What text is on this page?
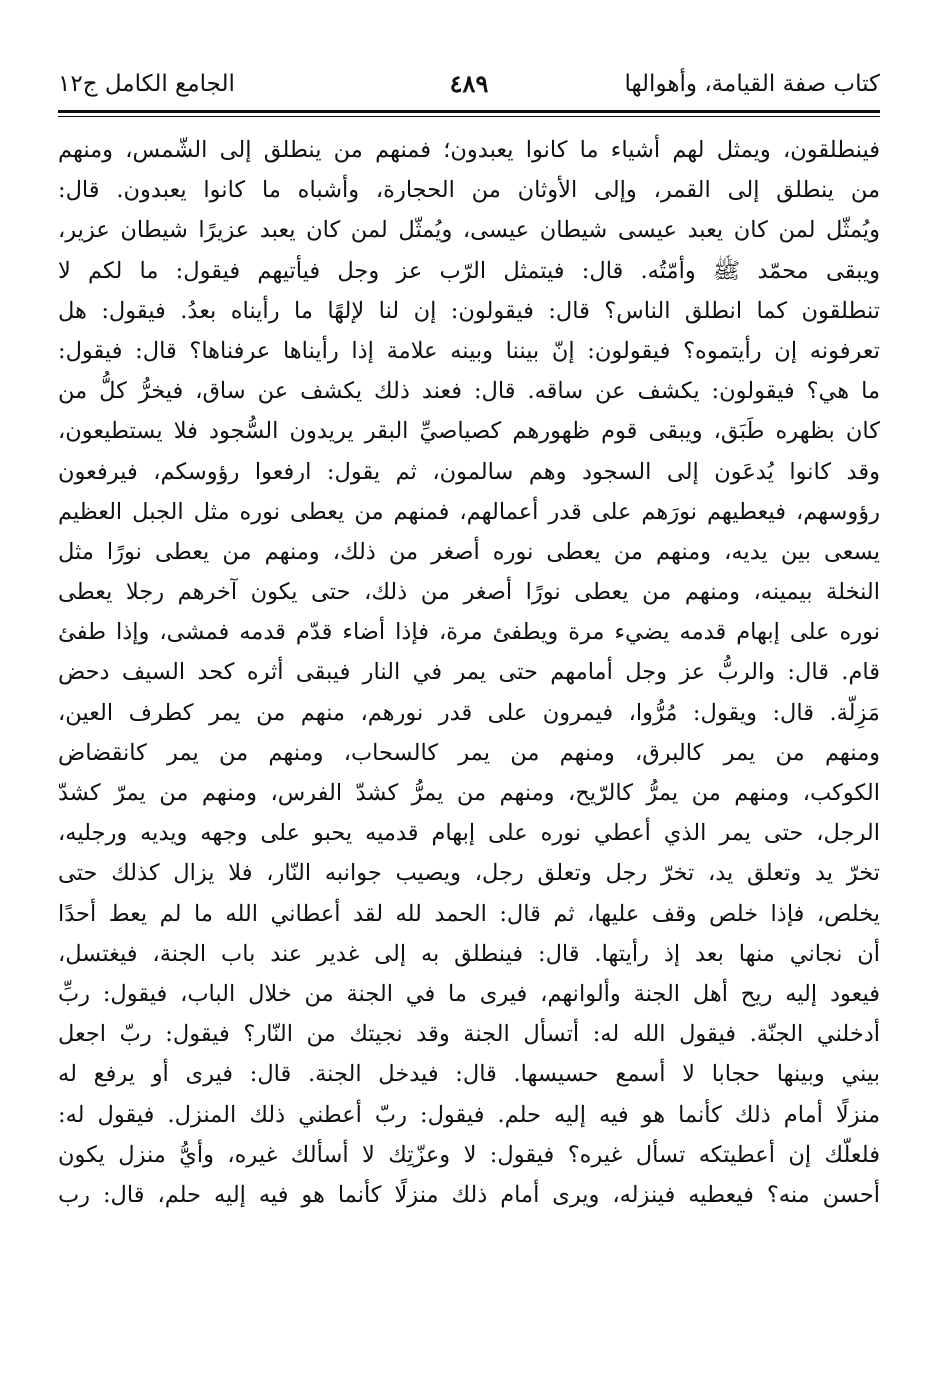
كتاب صفة القيامة، وأهوالها
٤٨٩
الجامع الكامل ج١٢
فينطلقون، ويمثل لهم أشياء ما كانوا يعبدون؛ فمنهم من ينطلق إلى الشّمس، ومنهم
من ينطلق إلى القمر، وإلى الأوثان من الحجارة، وأشباه ما كانوا يعبدون. قال:
ويُمثّل لمن كان يعبد عيسى شيطان عيسى، ويُمثّل لمن كان يعبد عزيرًا شيطان عزير،
ويبقى محمّد ﷺ وأمّتُه. قال: فيتمثل الرّب عز وجل فيأتيهم فيقول: ما لكم لا
تنطلقون كما انطلق الناس؟ قال: فيقولون: إن لنا لإلهًا ما رأيناه بعدُ. فيقول: هل
تعرفونه إن رأيتموه؟ فيقولون: إنّ بيننا وبينه علامة إذا رأيناها عرفناها؟ قال: فيقول:
ما هي؟ فيقولون: يكشف عن ساقه. قال: فعند ذلك يكشف عن ساق، فيخرُّ كلُّ من
كان بظهره طَبَق، ويبقى قوم ظهورهم كصياصيِّ البقر يريدون السُّجود فلا يستطيعون،
وقد كانوا يُدعَون إلى السجود وهم سالمون، ثم يقول: ارفعوا رؤوسكم، فيرفعون
رؤوسهم، فيعطيهم نورَهم على قدر أعمالهم، فمنهم من يعطى نوره مثل الجبل العظيم
يسعى بين يديه، ومنهم من يعطى نوره أصغر من ذلك، ومنهم من يعطى نورًا مثل
النخلة بيمينه، ومنهم من يعطى نورًا أصغر من ذلك، حتى يكون آخرهم رجلا يعطى
نوره على إبهام قدمه يضيء مرة ويطفئ مرة، فإذا أضاء قدّم قدمه فمشى، وإذا طفئ
قام. قال: والربُّ عز وجل أمامهم حتى يمر في النار فيبقى أثره كحد السيف دحض
مَزِلّة. قال: ويقول: مُرُّوا، فيمرون على قدر نورهم، منهم من يمر كطرف العين،
ومنهم من يمر كالبرق، ومنهم من يمر كالسحاب، ومنهم من يمر كانقضاض
الكوكب، ومنهم من يمرُّ كالرّيح، ومنهم من يمرُّ كشدّ الفرس، ومنهم من يمرّ كشدّ
الرجل، حتى يمر الذي أعطي نوره على إبهام قدميه يحبو على وجهه ويديه ورجليه،
تخرّ يد وتعلق يد، تخرّ رجل وتعلق رجل، ويصيب جوانبه النّار، فلا يزال كذلك حتى
يخلص، فإذا خلص وقف عليها، ثم قال: الحمد لله لقد أعطاني الله ما لم يعط أحدًا
أن نجاني منها بعد إذ رأيتها. قال: فينطلق به إلى غدير عند باب الجنة، فيغتسل،
فيعود إليه ريح أهل الجنة وألوانهم، فيرى ما في الجنة من خلال الباب، فيقول: ربِّ
أدخلني الجنّة. فيقول الله له: أتسأل الجنة وقد نجيتك من النّار؟ فيقول: ربّ اجعل
بيني وبينها حجابا لا أسمع حسيسها. قال: فيدخل الجنة. قال: فيرى أو يرفع له
منزلًا أمام ذلك كأنما هو فيه إليه حلم. فيقول: ربّ أعطني ذلك المنزل. فيقول له:
فلعلّك إن أعطيتكه تسأل غيره؟ فيقول: لا وعزّتِك لا أسألك غيره، وأيُّ منزل يكون
أحسن منه؟ فيعطيه فينزله، ويرى أمام ذلك منزلًا كأنما هو فيه إليه حلم، قال: رب
